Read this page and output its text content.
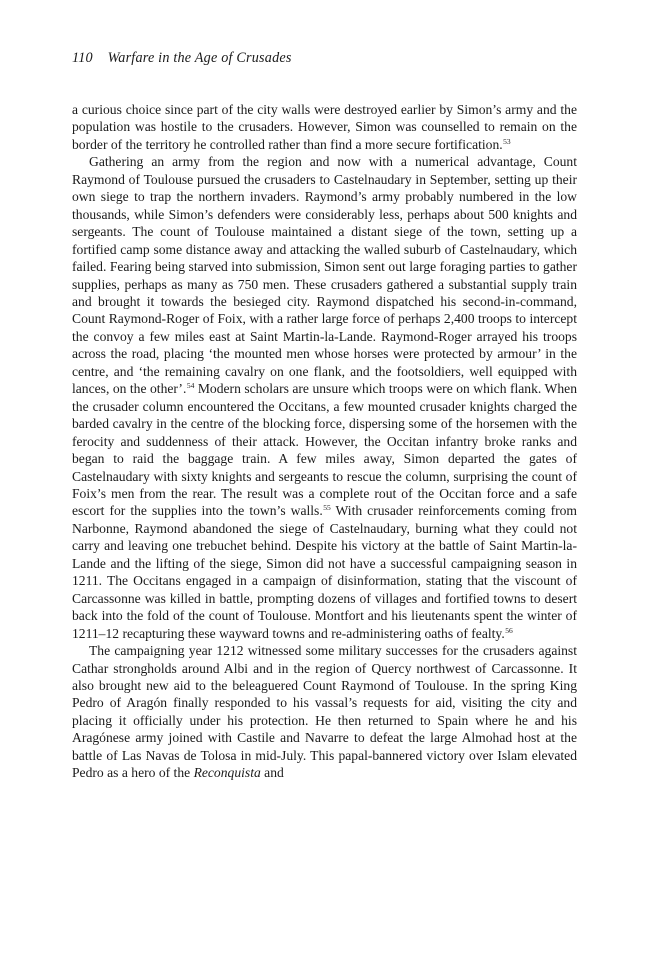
110 Warfare in the Age of Crusades

a curious choice since part of the city walls were destroyed earlier by Simon’s army and the population was hostile to the crusaders. However, Simon was counselled to remain on the border of the territory he controlled rather than find a more secure fortification.$^{53}$

Gathering an army from the region and now with a numerical advantage, Count Raymond of Toulouse pursued the crusaders to Castelnaudary in September, setting up their own siege to trap the northern invaders. Raymond’s army probably numbered in the low thousands, while Simon’s defenders were considerably less, perhaps about 500 knights and sergeants. The count of Toulouse maintained a distant siege of the town, setting up a fortified camp some distance away and attacking the walled suburb of Castelnaudary, which failed. Fearing being starved into submission, Simon sent out large foraging parties to gather supplies, perhaps as many as 750 men. These crusaders gathered a substantial supply train and brought it towards the besieged city. Raymond dispatched his second-in-command, Count Raymond-Roger of Foix, with a rather large force of perhaps 2,400 troops to intercept the convoy a few miles east at Saint Martin-la-Lande. Raymond-Roger arrayed his troops across the road, placing ‘the mounted men whose horses were protected by armour’ in the centre, and ‘the remaining cavalry on one flank, and the footsoldiers, well equipped with lances, on the other’.$^{54}$ Modern scholars are unsure which troops were on which flank. When the crusader column encountered the Occitans, a few mounted crusader knights charged the barded cavalry in the centre of the blocking force, dispersing some of the horsemen with the ferocity and suddenness of their attack. However, the Occitan infantry broke ranks and began to raid the baggage train. A few miles away, Simon departed the gates of Castelnaudary with sixty knights and sergeants to rescue the column, surprising the count of Foix’s men from the rear. The result was a complete rout of the Occitan force and a safe escort for the supplies into the town’s walls.$^{55}$ With crusader reinforcements coming from Narbonne, Raymond abandoned the siege of Castelnaudary, burning what they could not carry and leaving one trebuchet behind. Despite his victory at the battle of Saint Martin-la-Lande and the lifting of the siege, Simon did not have a successful campaigning season in 1211. The Occitans engaged in a campaign of disinformation, stating that the viscount of Carcassonne was killed in battle, prompting dozens of villages and fortified towns to desert back into the fold of the count of Toulouse. Montfort and his lieutenants spent the winter of 1211–12 recapturing these wayward towns and re-administering oaths of fealty.$^{56}$

The campaigning year 1212 witnessed some military successes for the crusaders against Cathar strongholds around Albi and in the region of Quercy northwest of Carcassonne. It also brought new aid to the beleaguered Count Raymond of Toulouse. In the spring King Pedro of Aragón finally responded to his vassal’s requests for aid, visiting the city and placing it officially under his protection. He then returned to Spain where he and his Aragónese army joined with Castile and Navarre to defeat the large Almohad host at the battle of Las Navas de Tolosa in mid-July. This papal-bannered victory over Islam elevated Pedro as a hero of the Reconquista and
